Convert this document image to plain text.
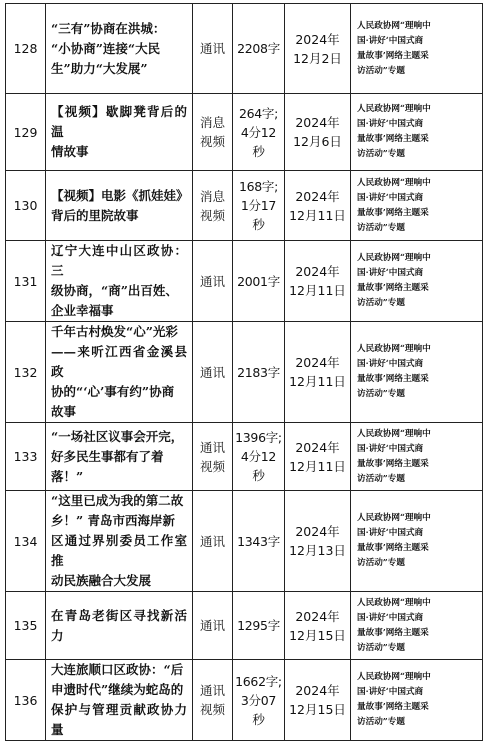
128	“三有”协商在洪城：
“小协商”连接“大民
生”助力“大发展”	通讯	2208字	2024年
12月2日	人民政协网“理响中
国·讲好‘中国式商
量故事’网络主题采
访活动”专题

129	【视频】歇脚凳背后的温
情故事	消息
视频	264字;
4分12秒	2024年
12月6日	人民政协网“理响中
国·讲好‘中国式商
量故事’网络主题采
访活动”专题

130	【视频】电影《抓娃娃》
背后的里院故事	消息
视频	168字;
1分17秒	2024年
12月11日	人民政协网“理响中
国·讲好‘中国式商
量故事’网络主题采
访活动”专题

131	辽宁大连中山区政协：三
级协商，“商”出百姓、
企业幸福事	通讯	2001字	2024年
12月11日	人民政协网“理响中
国·讲好‘中国式商
量故事’网络主题采
访活动”专题

132	千年古村焕发“心”光彩
——来听江西省金溪县政
协的“‘心’事有约”协商
故事	通讯	2183字	2024年
12月11日	人民政协网“理响中
国·讲好‘中国式商
量故事’网络主题采
访活动”专题

133	“一场社区议事会开完，
好多民生事都有了着
落！”	通讯
视频	1396字;
4分12秒	2024年
12月11日	人民政协网“理响中
国·讲好‘中国式商
量故事’网络主题采
访活动”专题

134	“这里已成为我的第二故
乡！” 青岛市西海岸新
区通过界别委员工作室推
动民族融合大发展	通讯	1343字	2024年
12月13日	人民政协网“理响中
国·讲好‘中国式商
量故事’网络主题采
访活动”专题

135	在青岛老街区寻找新活力	通讯	1295字	2024年
12月15日	人民政协网“理响中
国·讲好‘中国式商
量故事’网络主题采
访活动”专题

136	大连旅顺口区政协：“后
申遗时代”继续为蛇岛的
保护与管理贡献政协力量	通讯
视频	1662字;
3分07秒	2024年
12月15日	人民政协网“理响中
国·讲好‘中国式商
量故事’网络主题采
访活动”专题
